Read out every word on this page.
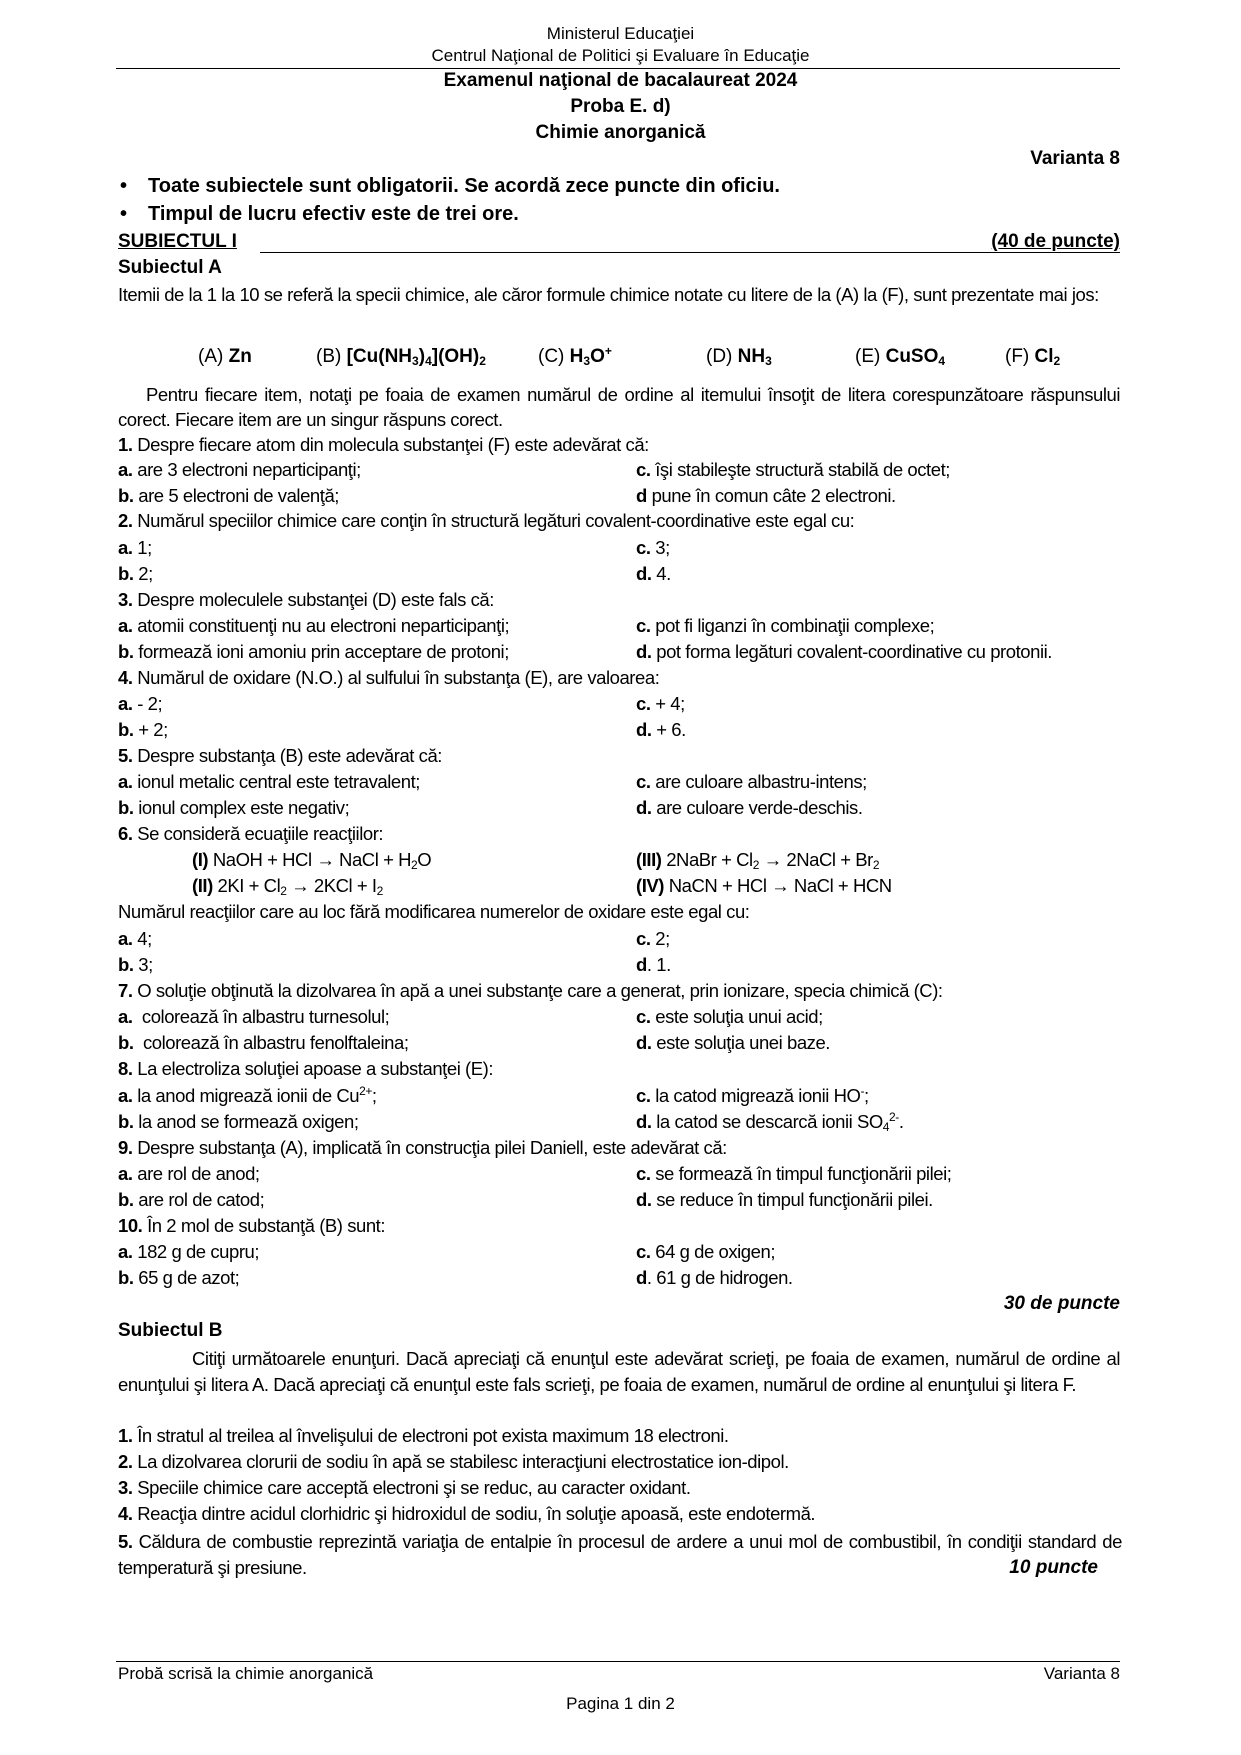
Ministerul Educaţiei
Centrul Naţional de Politici şi Evaluare în Educaţie
Examenul naţional de bacalaureat 2024
Proba E. d)
Chimie anorganică
Varianta 8
• Toate subiectele sunt obligatorii. Se acordă zece puncte din oficiu.
• Timpul de lucru efectiv este de trei ore.
SUBIECTUL I	(40 de puncte)
Subiectul A
Itemii de la 1 la 10 se referă la specii chimice, ale căror formule chimice notate cu litere de la (A) la (F), sunt prezentate mai jos:
(A) Zn	(B) $[Cu(NH_3)_4](OH)_2$	(C) $H_3O^+$	(D) $NH_3$	(E) CuSO$_4$	(F) $Cl_2$
Pentru fiecare item, notaţi pe foaia de examen numărul de ordine al itemului însoţit de litera corespunzătoare răspunsului corect. Fiecare item are un singur răspuns corect.
1. Despre fiecare atom din molecula substanţei (F) este adevărat că:
a. are 3 electroni neparticipanţi;	c. îşi stabileşte structură stabilă de octet;
b. are 5 electroni de valenţă;	d pune în comun câte 2 electroni.
2. Numărul speciilor chimice care conţin în structură legături covalent-coordinative este egal cu:
a. 1;	c. 3;
b. 2;	d. 4.
3. Despre moleculele substanţei (D) este fals că:
a. atomii constituenţi nu au electroni neparticipanţi;	c. pot fi liganzi în combinaţii complexe;
b. formează ioni amoniu prin acceptare de protoni;	d. pot forma legături covalent-coordinative cu protonii.
4. Numărul de oxidare (N.O.) al sulfului în substanţa (E), are valoarea:
a. - 2;	c. + 4;
b. + 2;	d. + 6.
5. Despre substanţa (B) este adevărat că:
a. ionul metalic central este tetravalent;	c. are culoare albastru-intens;
b. ionul complex este negativ;	d. are culoare verde-deschis.
6. Se consideră ecuaţiile reacţiilor:
(I) NaOH + HCl → NaCl + $H_2O$	(III) 2NaBr + $Cl_2$ → 2NaCl + $Br_2$
(II) $2KI + Cl_2 \to 2KCl + I_2$	(IV) NaCN + HCl → NaCl + HCN
Numărul reacţiilor care au loc fără modificarea numerelor de oxidare este egal cu:
a. 4;	c. 2;
b. 3;	d. 1.
7. O soluţie obţinută la dizolvarea în apă a unei substanţe care a generat, prin ionizare, specia chimică (C):
a. colorează în albastru turnesolul;	c. este soluţia unui acid;
b. colorează în albastru fenolftaleina;	d. este soluţia unei baze.
8. La electroliza soluţiei apoase a substanţei (E):
a. la anod migrează ionii de $Cu^{2+}$;	c. la catod migrează ionii HO-;
b. la anod se formează oxigen;	d. la catod se descarcă ionii $SO_4^{2-}$.
9. Despre substanţa (A), implicată în construcţia pilei Daniell, este adevărat că:
a. are rol de anod;	c. se formează în timpul funcţionării pilei;
b. are rol de catod;	d. se reduce în timpul funcţionării pilei.
10. În 2 mol de substanţă (B) sunt:
a. 182 g de cupru;	c. 64 g de oxigen;
b. 65 g de azot;	d. 61 g de hidrogen.
30 de puncte
Subiectul B
Citiţi următoarele enunţuri. Dacă apreciaţi că enunţul este adevărat scrieţi, pe foaia de examen, numărul de ordine al enunţului şi litera A. Dacă apreciaţi că enunţul este fals scrieţi, pe foaia de examen, numărul de ordine al enunţului şi litera F.
1. În stratul al treilea al învelişului de electroni pot exista maximum 18 electroni.
2. La dizolvarea clorurii de sodiu în apă se stabilesc interacţiuni electrostatice ion-dipol.
3. Speciile chimice care acceptă electroni şi se reduc, au caracter oxidant.
4. Reacţia dintre acidul clorhidric şi hidroxidul de sodiu, în soluţie apoasă, este endotermă.
5. Căldura de combustie reprezintă variaţia de entalpie în procesul de ardere a unui mol de combustibil, în condiţii standard de temperatură şi presiune.	10 puncte
Probă scrisă la chimie anorganică	Varianta 8
Pagina 1 din 2
